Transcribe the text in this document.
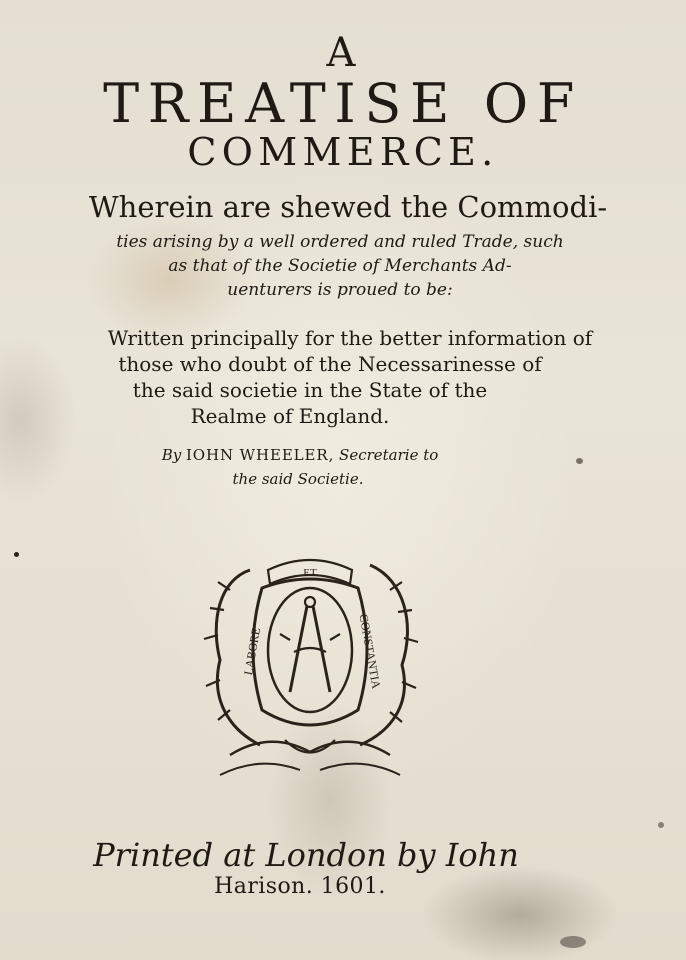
A
TREATISE OF
COMMERCE.
Wherein are shewed the Commodi-
ties arising by a well ordered and ruled Trade, such
as that of the Societie of Merchants Ad-
uenturers is proued to be:
Written principally for the better information of
those who doubt of the Necessarinesse of
the said societie in the State of the
Realme of England.
By IOHN WHEELER, Secretarie to
the said Societie.
ET
LABORE	CONSTANTIA
Printed at London by Iohn
Harison. 1601.
